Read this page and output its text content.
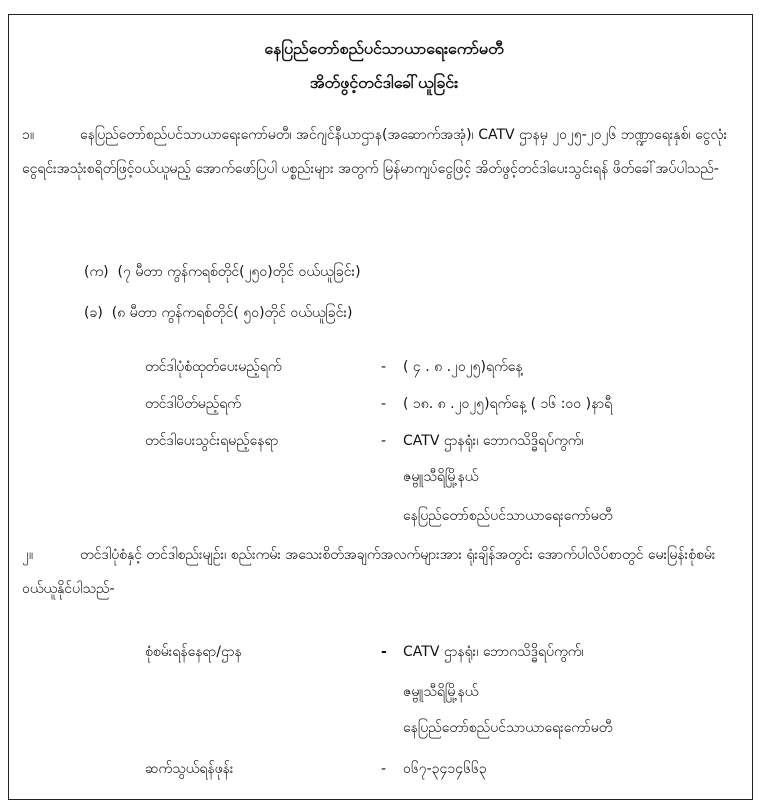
နေပြည်တော်စည်ပင်သာယာရေးကော်မတီ
အိတ်ဖွင့်တင်ဒါခေါ်ယူခြင်း
၁။	နေပြည်တော်စည်ပင်သာယာရေးကော်မတီ၊ အင်ဂျင်နီယာဌာန(အဆောက်အအုံ)၊ CATV ဌာနမှ ၂၀၂၅-၂၀၂၆ ဘဏ္ဍာရေးနှစ်၊ ငွေလုံးငွေရင်းအသုံးစရိတ်ဖြင့်ဝယ်ယူမည့် အောက်ဖော်ပြပါ ပစ္စည်းများ အတွက် မြန်မာကျပ်ငွေဖြင့် အိတ်ဖွင့်တင်ဒါပေးသွင်းရန် ဖိတ်ခေါ်အပ်ပါသည်-
(က) (၇ မီတာ ကွန်ကရစ်တိုင်(၂၅၀)တိုင် ဝယ်ယူခြင်း)
(ခ) (၈ မီတာ ကွန်ကရစ်တိုင်( ၅၀)တိုင် ဝယ်ယူခြင်း)
တင်ဒါပုံစံထုတ်ပေးမည့်ရက်	- ( ၄ . ၈ .၂၀၂၅)ရက်နေ့
တင်ဒါပိတ်မည့်ရက်	- ( ၁၈. ၈ .၂၀၂၅)ရက်နေ့ ( ၁၆ :၀၀ )နာရီ
တင်ဒါပေးသွင်းရမည့်နေရာ	- CATV ဌာနရုံး၊ ဘောဂသိဒ္ဓိရပ်ကွက်၊
ဇမ္ဗူသီရိမြို့နယ်
နေပြည်တော်စည်ပင်သာယာရေးကော်မတီ
၂။	တင်ဒါပုံစံနှင့် တင်ဒါစည်းမျဉ်း၊ စည်းကမ်း အသေးစိတ်အချက်အလက်များအား ရုံးချိန်အတွင်း အောက်ပါလိပ်စာတွင် မေးမြန်းစုံစမ်းဝယ်ယူနိုင်ပါသည်-
စုံစမ်းရန်နေရာ/ဌာန	- CATV ဌာနရုံး၊ ဘောဂသိဒ္ဓိရပ်ကွက်၊
ဇမ္ဗူသီရိမြို့နယ်
နေပြည်တော်စည်ပင်သာယာရေးကော်မတီ
ဆက်သွယ်ရန်ဖုန်း	- ၀၆၇-၃၄၁၄၆၆၃
